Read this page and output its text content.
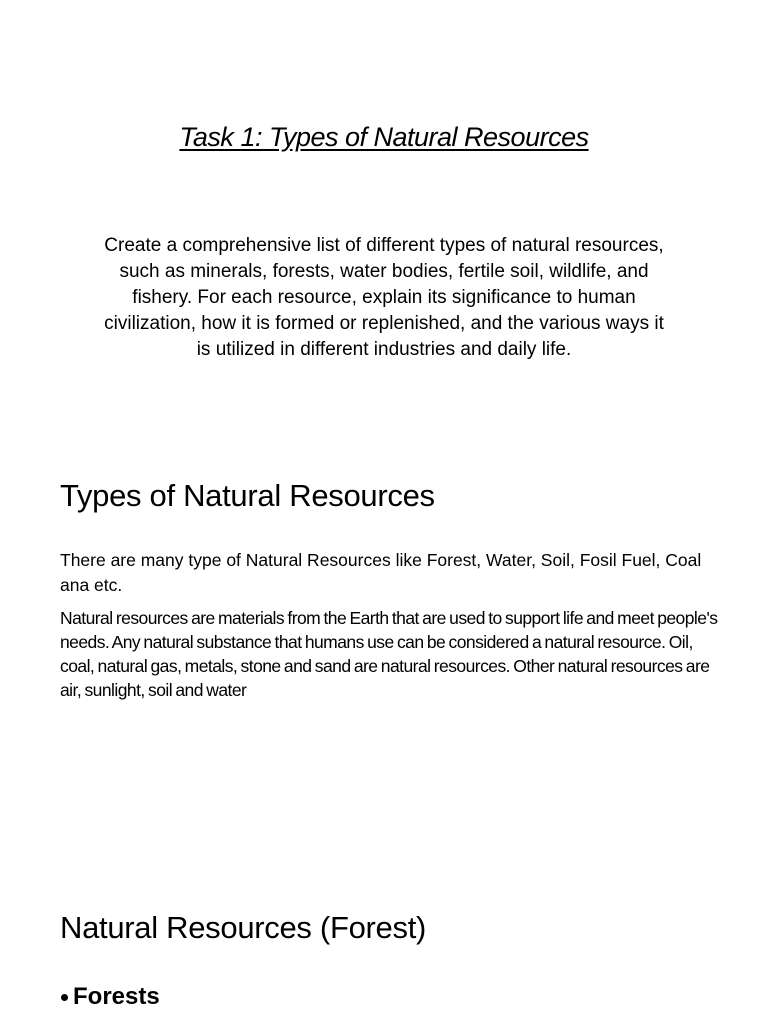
Task 1: Types of Natural Resources

Create a comprehensive list of different types of natural resources, such as minerals, forests, water bodies, fertile soil, wildlife, and fishery. For each resource, explain its significance to human civilization, how it is formed or replenished, and the various ways it is utilized in different industries and daily life.

Types of Natural Resources

There are many type of Natural Resources like Forest, Water, Soil, Fosil Fuel, Coal ana etc.

Natural resources are materials from the Earth that are used to support life and meet people's needs. Any natural substance that humans use can be considered a natural resource. Oil, coal, natural gas, metals, stone and sand are natural resources. Other natural resources are air, sunlight, soil and water

Natural Resources (Forest)
Forests
